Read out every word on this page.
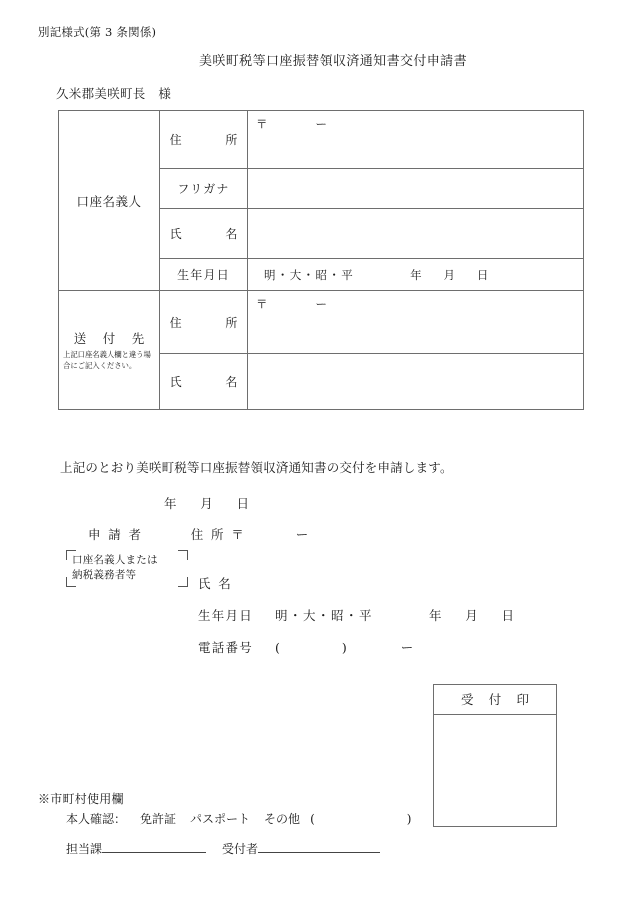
別記様式(第 3 条関係)
美咲町税等口座振替領収済通知書交付申請書
久米郡美咲町長　様
口座名義人	住　　所	〒 ー

	フリガナ	
	氏　　名	
	生年月日	明・大・昭・平 年月日

送 付 先
上記口座名義人欄と違う場合にご記入ください。	住　　所	〒 ー

	氏　　名	
上記のとおり美咲町税等口座振替領収済通知書の交付を申請します。
年月日
申請者	住所〒	ー
口座名義人または
納税義務者等
氏名
生年月日 明・大・昭・平	年月日
電話番号 (	)	ー
受 付 印
※市町村使用欄
本人確認： 免許証 パスポート その他 (	)
担当課	受付者
